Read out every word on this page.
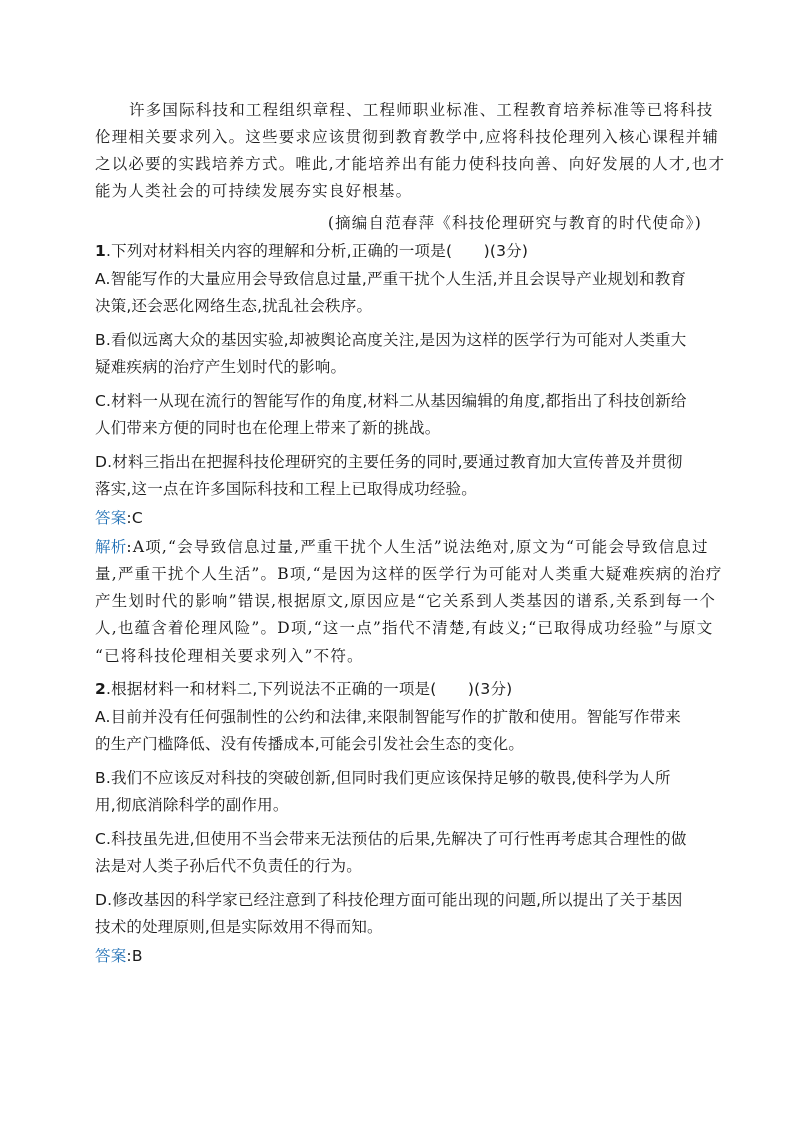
许多国际科技和工程组织章程、工程师职业标准、工程教育培养标准等已将科技
伦理相关要求列入。这些要求应该贯彻到教育教学中,应将科技伦理列入核心课程并辅
之以必要的实践培养方式。唯此,才能培养出有能力使科技向善、向好发展的人才,也才
能为人类社会的可持续发展夯实良好根基。
(摘编自范春萍《科技伦理研究与教育的时代使命》)
1.下列对材料相关内容的理解和分析,正确的一项是(　　)(3分)
A.智能写作的大量应用会导致信息过量,严重干扰个人生活,并且会误导产业规划和教育
决策,还会恶化网络生态,扰乱社会秩序。
B.看似远离大众的基因实验,却被舆论高度关注,是因为这样的医学行为可能对人类重大
疑难疾病的治疗产生划时代的影响。
C.材料一从现在流行的智能写作的角度,材料二从基因编辑的角度,都指出了科技创新给
人们带来方便的同时也在伦理上带来了新的挑战。
D.材料三指出在把握科技伦理研究的主要任务的同时,要通过教育加大宣传普及并贯彻
落实,这一点在许多国际科技和工程上已取得成功经验。
答案:C
解析:A项,“会导致信息过量,严重干扰个人生活”说法绝对,原文为“可能会导致信息过
量,严重干扰个人生活”。B项,“是因为这样的医学行为可能对人类重大疑难疾病的治疗
产生划时代的影响”错误,根据原文,原因应是“它关系到人类基因的谱系,关系到每一个
人,也蕴含着伦理风险”。D项,“这一点”指代不清楚,有歧义;“已取得成功经验”与原文
“已将科技伦理相关要求列入”不符。
2.根据材料一和材料二,下列说法不正确的一项是(　　)(3分)
A.目前并没有任何强制性的公约和法律,来限制智能写作的扩散和使用。智能写作带来
的生产门槛降低、没有传播成本,可能会引发社会生态的变化。
B.我们不应该反对科技的突破创新,但同时我们更应该保持足够的敬畏,使科学为人所
用,彻底消除科学的副作用。
C.科技虽先进,但使用不当会带来无法预估的后果,先解决了可行性再考虑其合理性的做
法是对人类子孙后代不负责任的行为。
D.修改基因的科学家已经注意到了科技伦理方面可能出现的问题,所以提出了关于基因
技术的处理原则,但是实际效用不得而知。
答案:B
